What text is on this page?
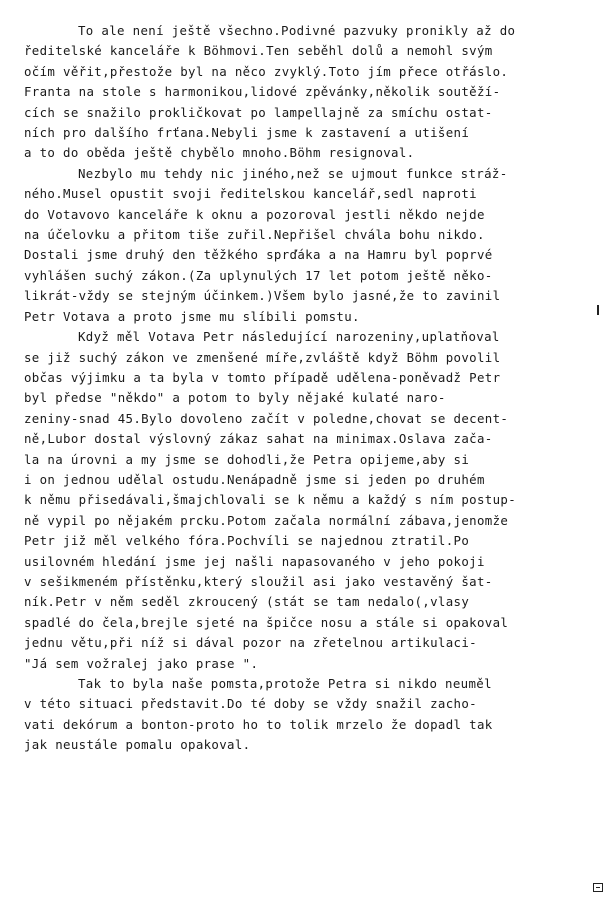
To ale není ještě všechno.Podivné pazvuky pronikly až do
ředitelské kanceláře k Böhmovi.Ten seběhl dolů a nemohl svým
očím věřit,přestože byl na něco zvyklý.Toto jím přece otřáslo.
Franta na stole s harmonikou,lidové zpěvánky,několik soutěží-
cích se snažilo prokličkovat po lampellajně za smíchu ostat-
ních pro dalšího frťana.Nebyli jsme k zastavení a utišení
a to do oběda ještě chybělo mnoho.Böhm resignoval.

Nezbylo mu tehdy nic jiného,než se ujmout funkce stráž-
ného.Musel opustit svoji ředitelskou kancelář,sedl naproti
do Votavovo kanceláře k oknu a pozoroval jestli někdo nejde
na účelovku a přitom tiše zuřil.Nepřišel chvála bohu nikdo.
Dostali jsme druhý den těžkého sprďáka a na Hamru byl poprvé
vyhlášen suchý zákon.(Za uplynulých 17 let potom ještě něko-
likrát-vždy se stejným účinkem.)Všem bylo jasné,že to zavinil
Petr Votava a proto jsme mu slíbili pomstu.

Když měl Votava Petr následující narozeniny,uplatňoval
se již suchý zákon ve zmenšené míře,zvláště když Böhm povolil
občas výjimku a ta byla v tomto případě udělena-poněvadž Petr
byl předse "někdo" a potom to byly nějaké kulaté naro-
zeniny-snad 45.Bylo dovoleno začít v poledne,chovat se decent-
ně,Lubor dostal výslovný zákaz sahat na minimax.Oslava zača-
la na úrovni a my jsme se dohodli,že Petra opijeme,aby si
i on jednou udělal ostudu.Nenápadně jsme si jeden po druhém
k němu přisedávali,šmajchlovali se k němu a každý s ním postup-
ně vypil po nějakém prcku.Potom začala normální zábava,jenomže
Petr již měl velkého fóra.Pochvíli se najednou ztratil.Po
usilovném hledání jsme jej našli napasovaného v jeho pokoji
v sešikmeném přístěnku,který sloužil asi jako vestavěný šat-
ník.Petr v něm seděl zkroucený (stát se tam nedalo(,vlasy
spadlé do čela,brejle sjeté na špičce nosu a stále si opakoval
jednu větu,při níž si dával pozor na zřetelnou artikulaci-
"Já sem vožralej jako prase ".

Tak to byla naše pomsta,protože Petra si nikdo neuměl
v této situaci představit.Do té doby se vždy snažil zacho-
vati dekórum a bonton-proto ho to tolik mrzelo že dopadl tak
jak neustále pomalu opakoval.
